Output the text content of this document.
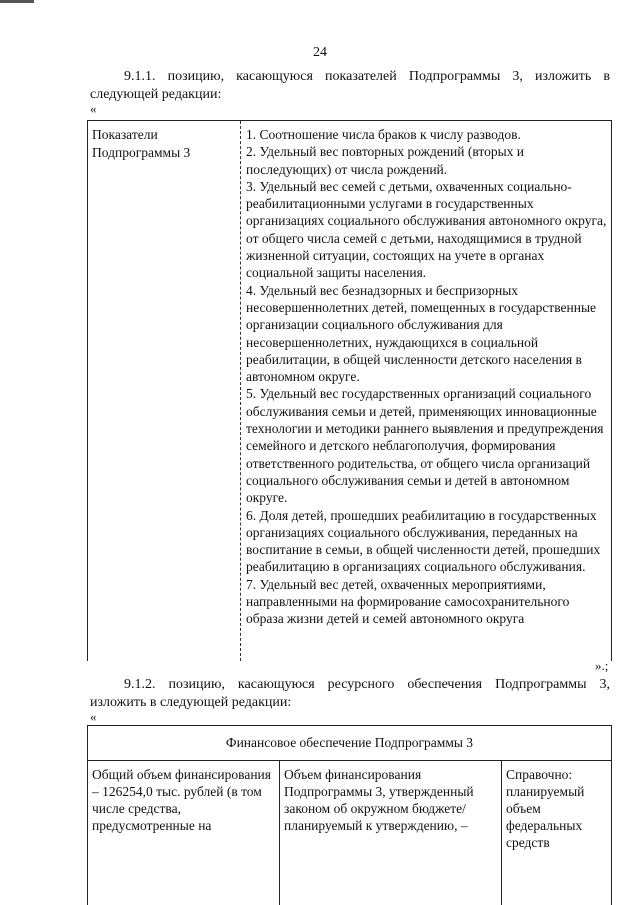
24
9.1.1. позицию, касающуюся показателей Подпрограммы 3, изложить в
следующей редакции:
«
Показатели Подпрограммы 3
1. Соотношение числа браков к числу разводов.
2. Удельный вес повторных рождений (вторых и последующих) от числа рождений.
3. Удельный вес семей с детьми, охваченных социально-реабилитационными услугами в государственных организациях социального обслуживания автономного округа, от общего числа семей с детьми, находящимися в трудной жизненной ситуации, состоящих на учете в органах социальной защиты населения.
4. Удельный вес безнадзорных и беспризорных несовершеннолетних детей, помещенных в государственные организации социального обслуживания для несовершеннолетних, нуждающихся в социальной реабилитации, в общей численности детского населения в автономном округе.
5. Удельный вес государственных организаций социального обслуживания семьи и детей, применяющих инновационные технологии и методики раннего выявления и предупреждения семейного и детского неблагополучия, формирования ответственного родительства, от общего числа организаций социального обслуживания семьи и детей в автономном округе.
6. Доля детей, прошедших реабилитацию в государственных организациях социального обслуживания, переданных на воспитание в семьи, в общей численности детей, прошедших реабилитацию в организациях социального обслуживания.
7. Удельный вес детей, охваченных мероприятиями, направленными на формирование самосохранительного образа жизни детей и семей автономного округа
».;
9.1.2. позицию, касающуюся ресурсного обеспечения Подпрограммы 3,
изложить в следующей редакции:
«
Финансовое обеспечение Подпрограммы 3
Общий объем финансирования – 126254,0 тыс. рублей (в том числе средства, предусмотренные на
Объем финансирования Подпрограммы 3, утвержденный законом об окружном бюджете/планируемый к утверждению, –
Справочно: планируемый объем федеральных средств
